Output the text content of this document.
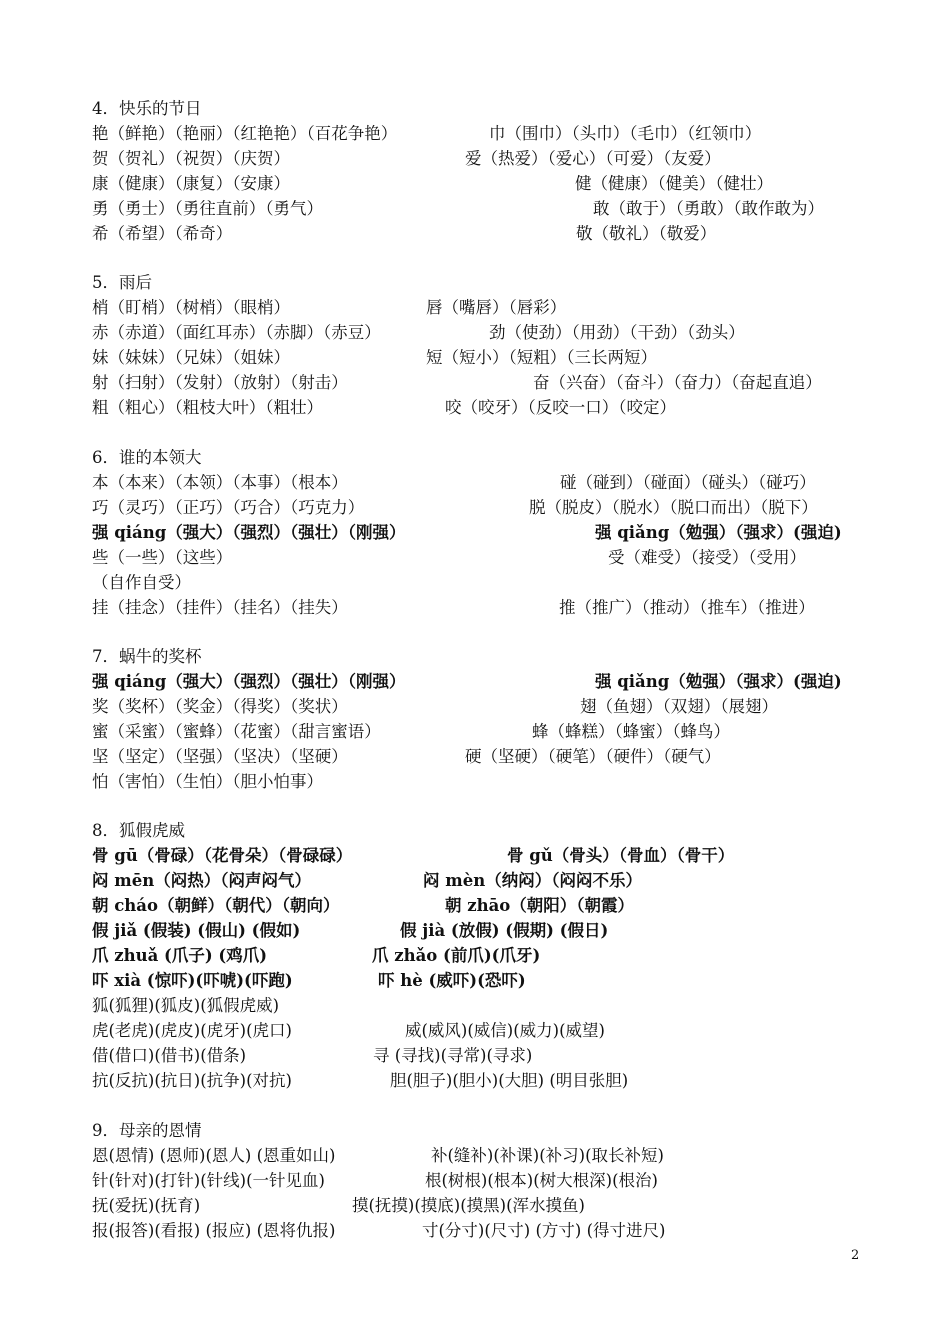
4．快乐的节日
艳（鲜艳）（艳丽）（红艳艳）（百花争艳）	巾（围巾）（头巾）（毛巾）（红领巾）
贺（贺礼）（祝贺）（庆贺）	爱（热爱）（爱心）（可爱）（友爱）
康（健康）（康复）（安康）	健（健康）（健美）（健壮）
勇（勇士）（勇往直前）（勇气）	敢（敢于）（勇敢）（敢作敢为）
希（希望）（希奇）	敬（敬礼）（敬爱）
5．雨后
梢（盯梢）（树梢）（眼梢）	唇（嘴唇）（唇彩）
赤（赤道）（面红耳赤）（赤脚）（赤豆）	劲（使劲）（用劲）（干劲）（劲头）
妹（妹妹）（兄妹）（姐妹）	短（短小）（短粗）（三长两短）
射（扫射）（发射）（放射）（射击）	奋（兴奋）（奋斗）（奋力）（奋起直追）
粗（粗心）（粗枝大叶）（粗壮）	咬（咬牙）（反咬一口）（咬定）
6．谁的本领大
本（本来）（本领）（本事）（根本）	碰（碰到）（碰面）（碰头）（碰巧）
巧（灵巧）（正巧）（巧合）（巧克力）	脱（脱皮）（脱水）（脱口而出）（脱下）
强 qiáng（强大）（强烈）（强壮）（刚强）	强 qiǎng（勉强）（强求）(强迫)
些（一些）（这些）	受（难受）（接受）（受用）
（自作自受）
挂（挂念）（挂件）（挂名）（挂失）	推（推广）（推动）（推车）（推进）
7．蜗牛的奖杯
强 qiáng（强大）（强烈）（强壮）（刚强）	强 qiǎng（勉强）（强求）(强迫)
奖（奖杯）（奖金）（得奖）（奖状）	翅（鱼翅）（双翅）（展翅）
蜜（采蜜）（蜜蜂）（花蜜）（甜言蜜语）	蜂（蜂糕）（蜂蜜）（蜂鸟）
坚（坚定）（坚强）（坚决）（坚硬）	硬（坚硬）（硬笔）（硬件）（硬气）
怕（害怕）（生怕）（胆小怕事）
8．狐假虎威
骨 gū（骨碌）（花骨朵）（骨碌碌）	骨 gǔ（骨头）（骨血）（骨干）
闷 mēn（闷热）（闷声闷气）	闷 mèn（纳闷）（闷闷不乐）
朝 cháo（朝鲜）（朝代）（朝向）	朝 zhāo（朝阳）（朝霞）
假 jiǎ (假装) (假山) (假如)	假 jià (放假) (假期) (假日)
爪 zhuǎ (爪子) (鸡爪)	爪 zhǎo (前爪)(爪牙)
吓 xià (惊吓)(吓唬)(吓跑)	吓 hè (威吓)(恐吓)
狐(狐狸)(狐皮)(狐假虎威)
虎(老虎)(虎皮)(虎牙)(虎口)	威(威风)(威信)(威力)(威望)
借(借口)(借书)(借条)	寻 (寻找)(寻常)(寻求)
抗(反抗)(抗日)(抗争)(对抗)	胆(胆子)(胆小)(大胆) (明目张胆)
9．母亲的恩情
恩(恩情) (恩师)(恩人) (恩重如山)	补(缝补)(补课)(补习)(取长补短)
针(针对)(打针)(针线)(一针见血)	根(树根)(根本)(树大根深)(根治)
抚(爱抚)(抚育)	摸(抚摸)(摸底)(摸黑)(浑水摸鱼)
报(报答)(看报) (报应) (恩将仇报)	寸(分寸)(尺寸) (方寸) (得寸进尺)
2
